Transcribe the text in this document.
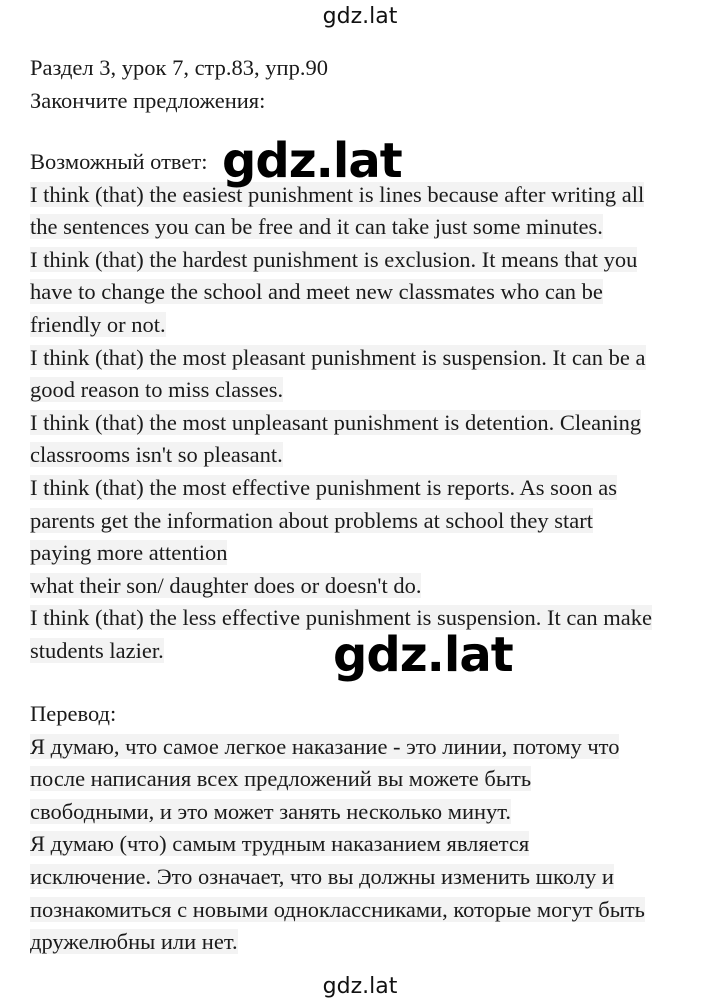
gdz.lat
Раздел 3, урок 7, стр.83, упр.90
Закончите предложения:
Возможный ответ:
I think (that) the easiest punishment is lines because after writing all
the sentences you can be free and it can take just some minutes.
I think (that) the hardest punishment is exclusion. It means that you
have to change the school and meet new classmates who can be
friendly or not.
I think (that) the most pleasant punishment is suspension. It can be a
good reason to miss classes.
I think (that) the most unpleasant punishment is detention. Cleaning
classrooms isn't so pleasant.
I think (that) the most effective punishment is reports. As soon as
parents get the information about problems at school they start
paying more attention
what their son/ daughter does or doesn't do.
I think (that) the less effective punishment is suspension. It can make
students lazier.
Перевод:
Я думаю, что самое легкое наказание - это линии, потому что
после написания всех предложений вы можете быть
свободными, и это может занять несколько минут.
Я думаю (что) самым трудным наказанием является
исключение. Это означает, что вы должны изменить школу и
познакомиться с новыми одноклассниками, которые могут быть
дружелюбны или нет.
gdz.lat
gdz.lat
gdz.lat
